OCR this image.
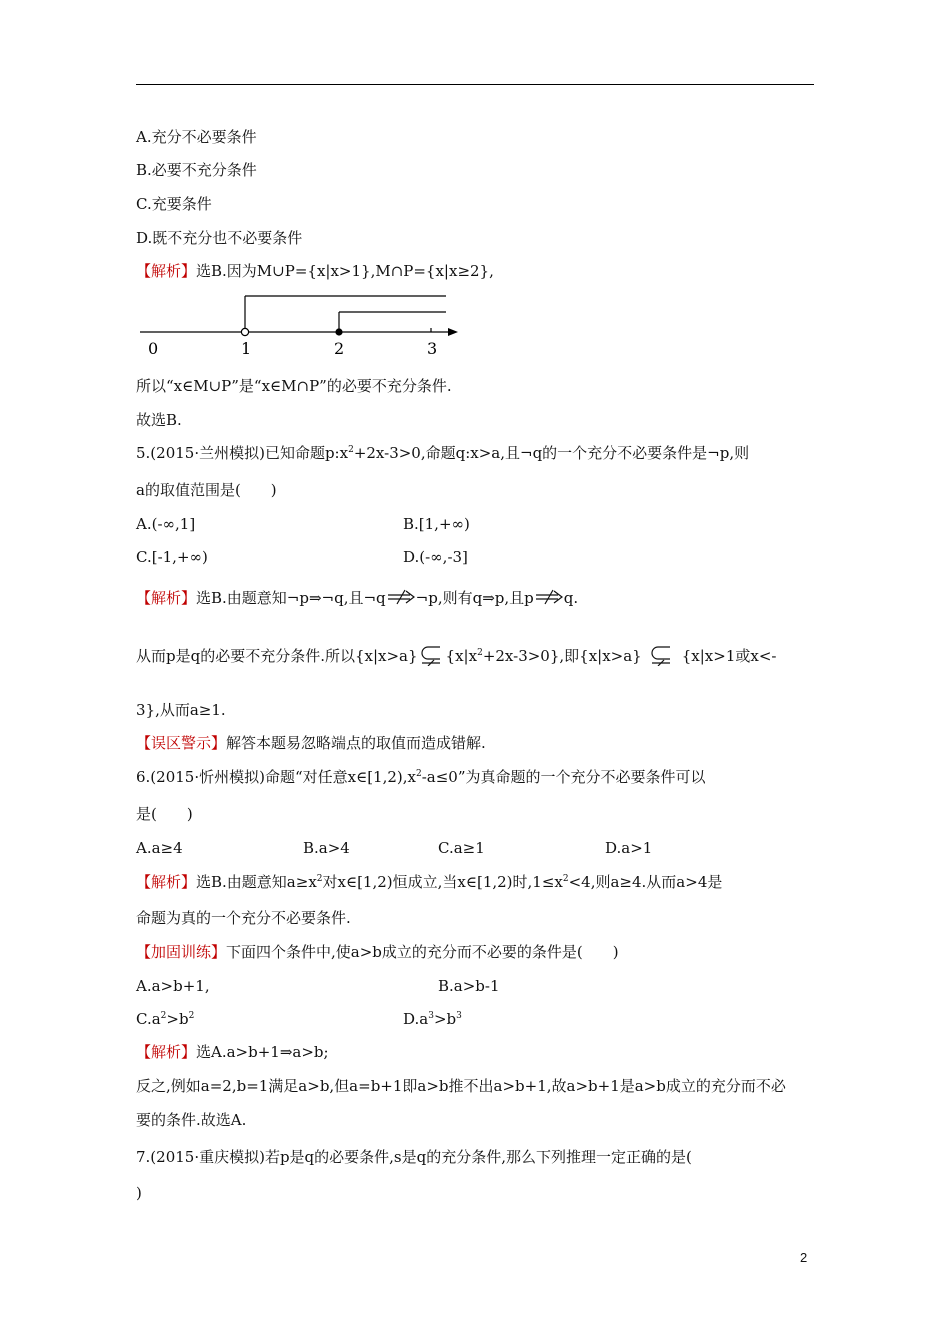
A.充分不必要条件
B.必要不充分条件
C.充要条件
D.既不充分也不必要条件
【解析】选B.因为M∪P={x|x>1},M∩P={x|x≥2},
0	1	2	3
所以“x∈M∪P”是“x∈M∩P”的必要不充分条件.
故选B.
5.(2015·兰州模拟)已知命题$p:x^2+2x-3>0$,命题q:x>a,且¬q的一个充分不必要条件是¬p,则
a的取值范围是(　　)
A.(-∞,1]	B.[1,+∞)
C.[-1,+∞)	D.(-∞,-3]
【解析】选B.由题意知¬p⇒¬q,且¬q ¬p,则有q⇒p,且p q.
从而p是q的必要不充分条件.所以{x|x>a} $\{x|x^2+2x-3>0\}$,即{x|x>a}	{x|x>1或x<-
3},从而a≥1.
【误区警示】解答本题易忽略端点的取值而造成错解.
6.(2015·忻州模拟)命题“对任意$x\in[1,2),x^2-a\le 0$”为真命题的一个充分不必要条件可以
是(　　)
A.a≥4	B.a>4	C.a≥1	D.a>1
【解析】选B.由题意知$a\ge x^2$对x∈[1,2)恒成立,当x∈[1,2)时$,1\le x^2<4$,则a≥4.从而a>4是
命题为真的一个充分不必要条件.
【加固训练】下面四个条件中,使a>b成立的充分而不必要的条件是(　　)
A.a>b+1,	B.a>b-1
$C.a^2>b^2$	$D.a^3>b^3$
【解析】选A.a>b+1⇒a>b;
反之,例如a=2,b=1满足a>b,但a=b+1即a>b推不出a>b+1,故a>b+1是a>b成立的充分而不必
要的条件.故选A.
7.(2015·重庆模拟)若p是q的必要条件,s是q的充分条件,那么下列推理一定正确的是(
)
2
